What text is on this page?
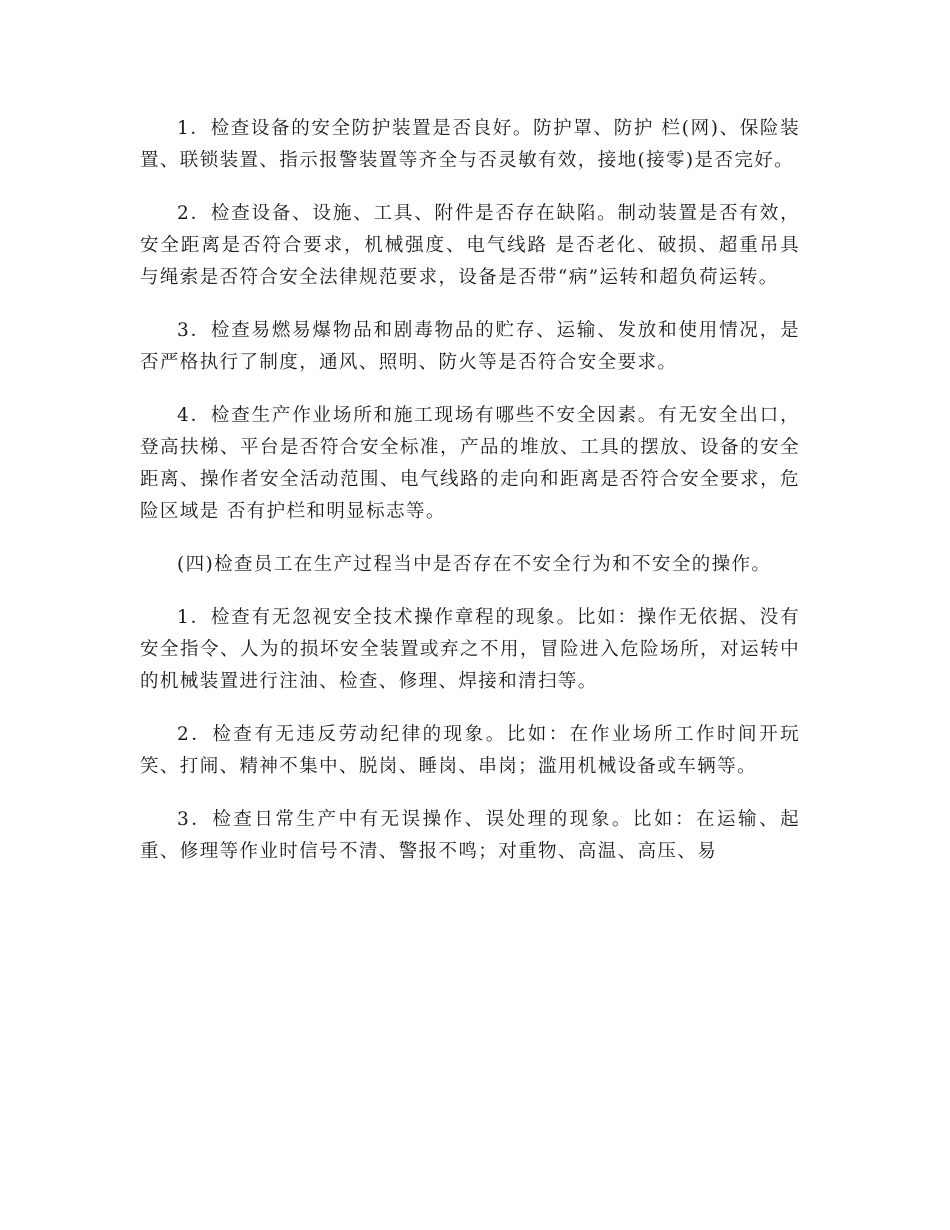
1．检查设备的安全防护装置是否良好。防护罩、防护 栏(网)、保险装置、联锁装置、指示报警装置等齐全与否灵敏有效，接地(接零)是否完好。

2．检查设备、设施、工具、附件是否存在缺陷。制动装置是否有效，安全距离是否符合要求，机械强度、电气线路 是否老化、破损、超重吊具与绳索是否符合安全法律规范要求，设备是否带“病”运转和超负荷运转。

3．检查易燃易爆物品和剧毒物品的贮存、运输、发放和使用情况，是否严格执行了制度，通风、照明、防火等是否符合安全要求。

4．检查生产作业场所和施工现场有哪些不安全因素。有无安全出口，登高扶梯、平台是否符合安全标准，产品的堆放、工具的摆放、设备的安全距离、操作者安全活动范围、电气线路的走向和距离是否符合安全要求，危险区域是 否有护栏和明显标志等。

(四)检查员工在生产过程当中是否存在不安全行为和不安全的操作。

1．检查有无忽视安全技术操作章程的现象。比如：操作无依据、没有安全指令、人为的损坏安全装置或弃之不用，冒险进入危险场所，对运转中的机械装置进行注油、检查、修理、焊接和清扫等。

2．检查有无违反劳动纪律的现象。比如：在作业场所工作时间开玩笑、打闹、精神不集中、脱岗、睡岗、串岗；滥用机械设备或车辆等。

3．检查日常生产中有无误操作、误处理的现象。比如：在运输、起重、修理等作业时信号不清、警报不鸣；对重物、高温、高压、易
